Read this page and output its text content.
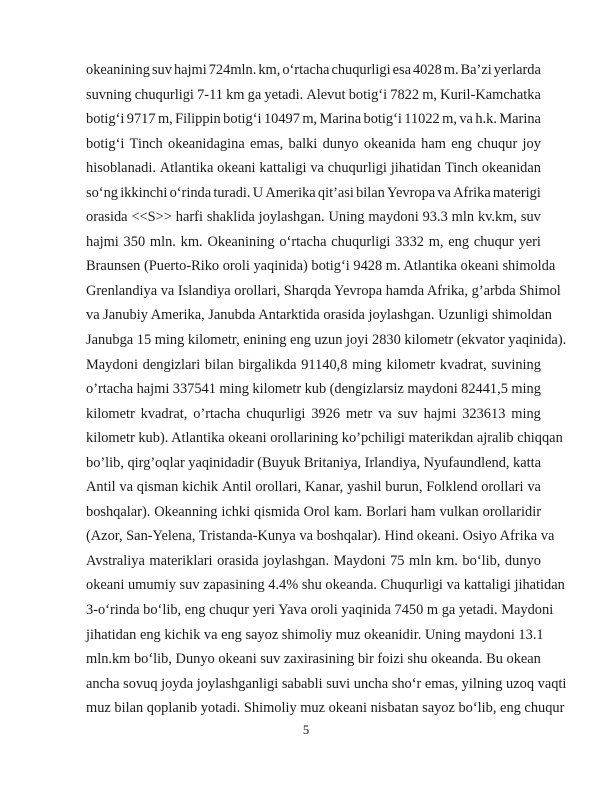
okeanining suv hajmi 724mln. km, o‘rtacha chuqurligi esa 4028 m. Ba’zi yerlarda
suvning chuqurligi 7-11 km ga yetadi. Alevut botig‘i 7822 m, Kuril-Kamchatka
botig‘i 9717 m, Filippin botig‘i 10497 m, Marina botig‘i 11022 m, va h.k. Marina
botig‘i Tinch okeanidagina emas, balki dunyo okeanida ham eng chuqur joy
hisoblanadi. Atlantika okeani kattaligi va chuqurligi jihatidan Tinch okeanidan
so‘ng ikkinchi o‘rinda turadi. U Amerika qit’asi bilan Yevropa va Afrika materigi
orasida <<S>> harfi shaklida joylashgan. Uning maydoni 93.3 mln kv.km, suv
hajmi 350 mln. km. Okeanining o‘rtacha chuqurligi 3332 m, eng chuqur yeri
Braunsen (Puerto-Riko oroli yaqinida) botig‘i 9428 m. Atlantika okeani shimolda
Grenlandiya va Islandiya orollari, Sharqda Yevropa hamda Afrika, g’arbda Shimol
va Janubiy Amerika, Janubda Antarktida orasida joylashgan. Uzunligi shimoldan
Janubga 15 ming kilometr, enining eng uzun joyi 2830 kilometr (ekvator yaqinida).
Maydoni dengizlari bilan birgalikda 91140,8 ming kilometr kvadrat, suvining
o’rtacha hajmi 337541 ming kilometr kub (dengizlarsiz maydoni 82441,5 ming
kilometr kvadrat, o’rtacha chuqurligi 3926 metr va suv hajmi 323613 ming
kilometr kub). Atlantika okeani orollarining ko’pchiligi materikdan ajralib chiqqan
bo’lib, qirg’oqlar yaqinidadir (Buyuk Britaniya, Irlandiya, Nyufaundlend, katta
Antil va qisman kichik Antil orollari, Kanar, yashil burun, Folklend orollari va
boshqalar). Okeanning ichki qismida Orol kam. Borlari ham vulkan orollaridir
(Azor, San-Yelena, Tristanda-Kunya va boshqalar). Hind okeani. Osiyo Afrika va
Avstraliya materiklari orasida joylashgan. Maydoni 75 mln km. bo‘lib, dunyo
okeani umumiy suv zapasining 4.4% shu okeanda. Chuqurligi va kattaligi jihatidan
3-o‘rinda bo‘lib, eng chuqur yeri Yava oroli yaqinida 7450 m ga yetadi. Maydoni
jihatidan eng kichik va eng sayoz shimoliy muz okeanidir. Uning maydoni 13.1
mln.km bo‘lib, Dunyo okeani suv zaxirasining bir foizi shu okeanda. Bu okean
ancha sovuq joyda joylashganligi sababli suvi uncha sho‘r emas, yilning uzoq vaqti
muz bilan qoplanib yotadi. Shimoliy muz okeani nisbatan sayoz bo‘lib, eng chuqur
5
